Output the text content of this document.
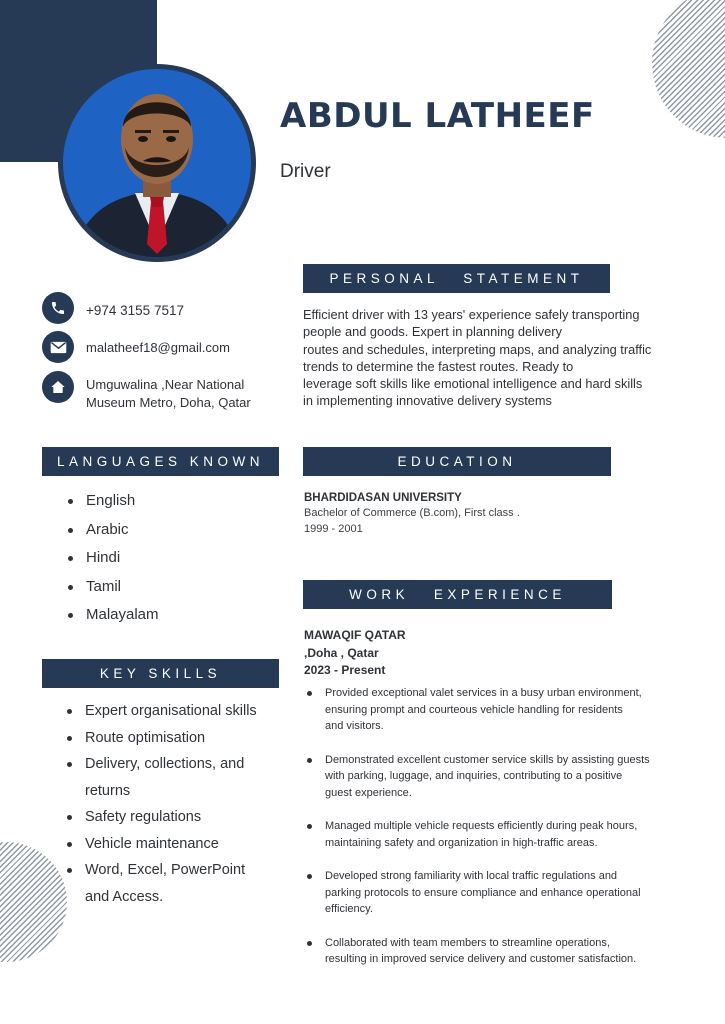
ABDUL LATHEEF
Driver
PERSONAL   STATEMENT
LANGUAGES KNOWN	EDUCATION
WORK   EXPERIENCE
KEY SKILLS
+974 3155 7517
malatheef18@gmail.com
Umguwalina ,Near National
Museum Metro, Doha, Qatar
Efficient driver with 13 years' experience safely transporting
people and goods. Expert in planning delivery
routes and schedules, interpreting maps, and analyzing traffic
trends to determine the fastest routes. Ready to
leverage soft skills like emotional intelligence and hard skills
in implementing innovative delivery systems
English
Arabic
Hindi
Tamil
Malayalam
Expert organisational skills
Route optimisation
Delivery, collections, and
returns
Safety regulations
Vehicle maintenance
Word, Excel, PowerPoint
and Access.
BHARDIDASAN UNIVERSITY
Bachelor of Commerce (B.com), First class .
1999 - 2001
MAWAQIF QATAR
,Doha , Qatar
2023 - Present
Provided exceptional valet services in a busy urban environment,
ensuring prompt and courteous vehicle handling for residents
and visitors.
Demonstrated excellent customer service skills by assisting guests
with parking, luggage, and inquiries, contributing to a positive
guest experience.
Managed multiple vehicle requests efficiently during peak hours,
maintaining safety and organization in high-traffic areas.
Developed strong familiarity with local traffic regulations and
parking protocols to ensure compliance and enhance operational
efficiency.
Collaborated with team members to streamline operations,
resulting in improved service delivery and customer satisfaction.
